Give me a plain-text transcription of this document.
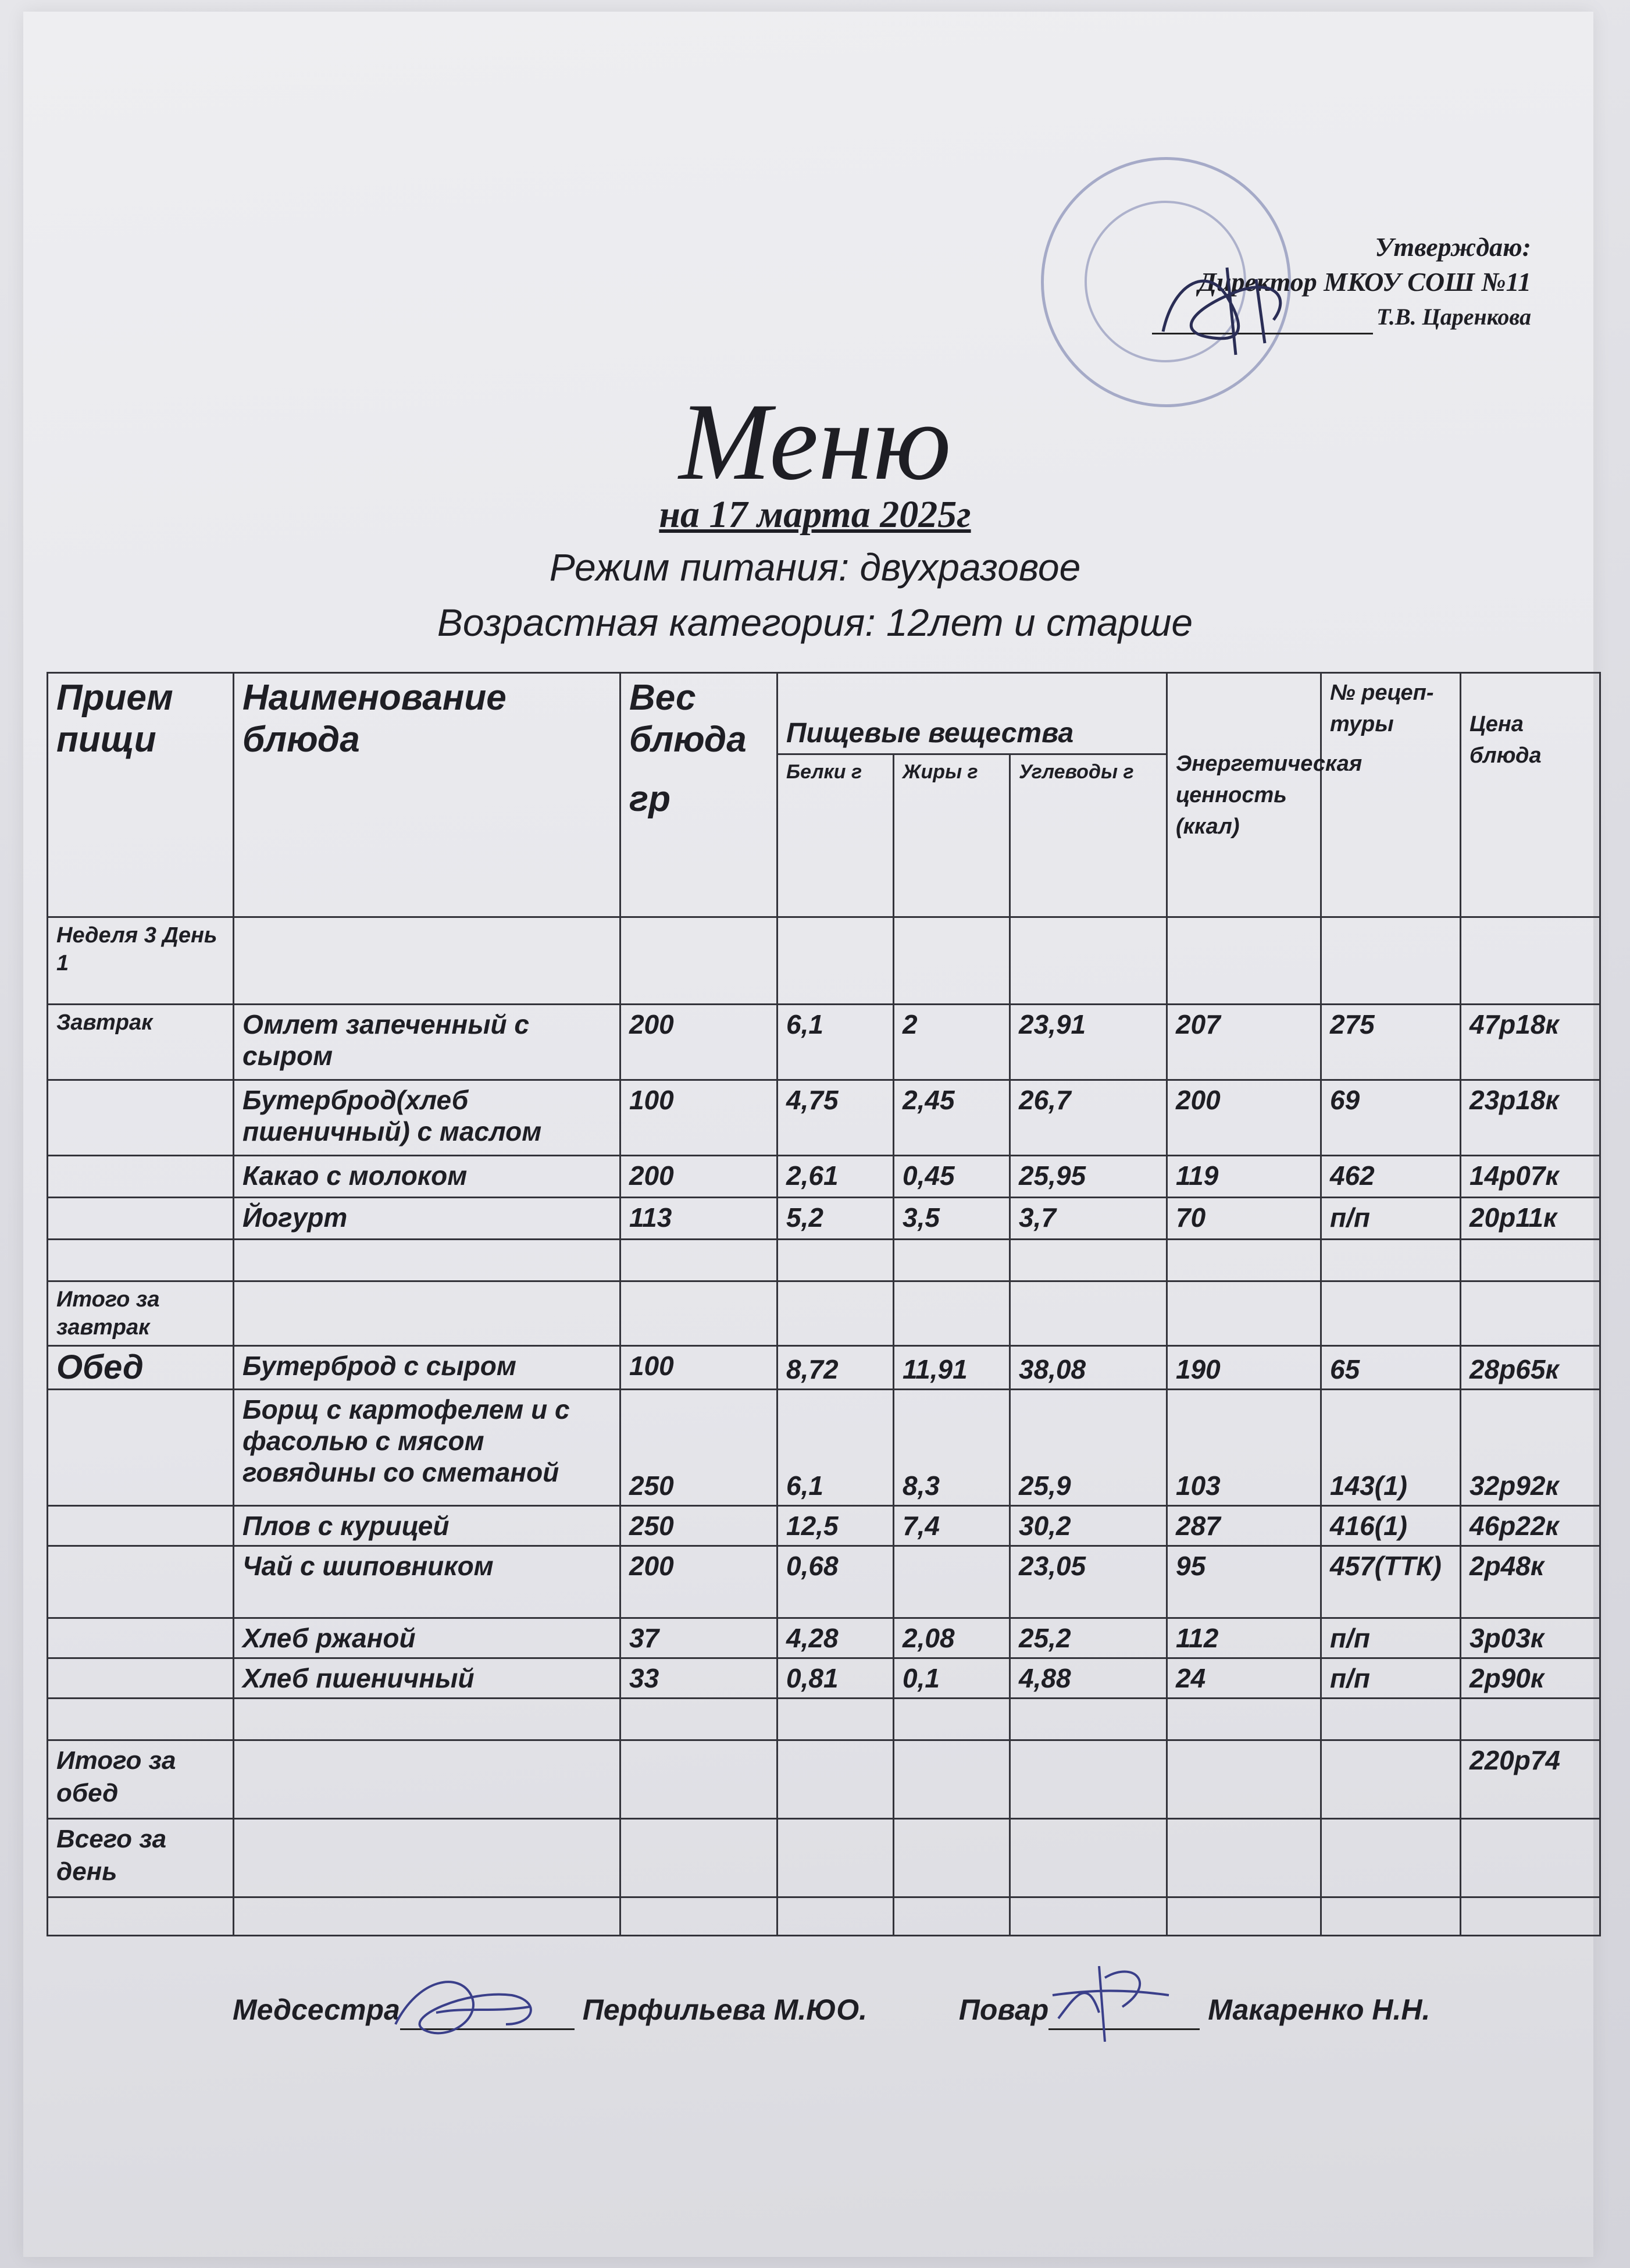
Утверждаю:
Директор МКОУ СОШ №11
Т.В. Царенкова
Меню
на 17 марта 2025г
Режим питания: двухразовое
Возрастная категория: 12лет и старше
Прием пищи	Наименование блюда	Вес блюда
гр	Пищевые вещества			Энергетическая ценность (ккал)	№ рецеп-туры	Цена блюда
			Белки г	Жиры г	Углеводы г			
Неделя 3 День 1								
Завтрак	Омлет запеченный с сыром	200	6,1	2	23,91	207	275	47р18к
	Бутерброд(хлеб пшеничный) с маслом	100	4,75	2,45	26,7	200	69	23р18к
	Какао с молоком	200	2,61	0,45	25,95	119	462	14р07к
	Йогурт	113	5,2	3,5	3,7	70	п/п	20р11к

Итого за завтрак								
Обед	Бутерброд с сыром	100	8,72	11,91	38,08	190	65	28р65к
	Борщ с картофелем и с фасолью с мясом говядины со сметаной	250	6,1	8,3	25,9	103	143(1)	32р92к
	Плов с курицей	250	12,5	7,4	30,2	287	416(1)	46р22к
	Чай с шиповником	200	0,68		23,05	95	457(ТТК)	2р48к
	Хлеб ржаной	37	4,28	2,08	25,2	112	п/п	3р03к
	Хлеб пшеничный	33	0,81	0,1	4,88	24	п/п	2р90к

Итого за обед								220р74
Всего за день								

Медсестра	Перфильева М.ЮО.	Повар	Макаренко Н.Н.
